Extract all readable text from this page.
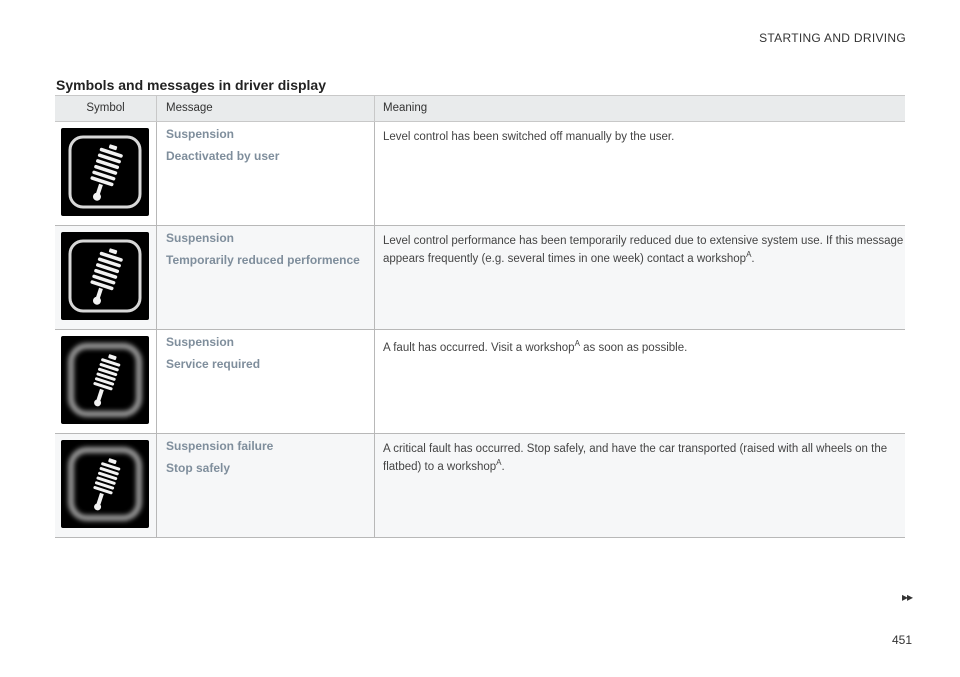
STARTING AND DRIVING
Symbols and messages in driver display
Symbol	Message	Meaning
Suspension
Deactivated by user
Level control has been switched off manually by the user.
Suspension
Temporarily reduced performence
Level control performance has been temporarily reduced due to extensive system use. If this message appears frequently (e.g. several times in one week) contact a workshop$^A$.
Suspension
Service required
A fault has occurred. Visit a workshop$^A$ as soon as possible.
Suspension failure
Stop safely
A critical fault has occurred. Stop safely, and have the car transported (raised with all wheels on the flatbed) to a workshop$^A$.
▸▸
451
